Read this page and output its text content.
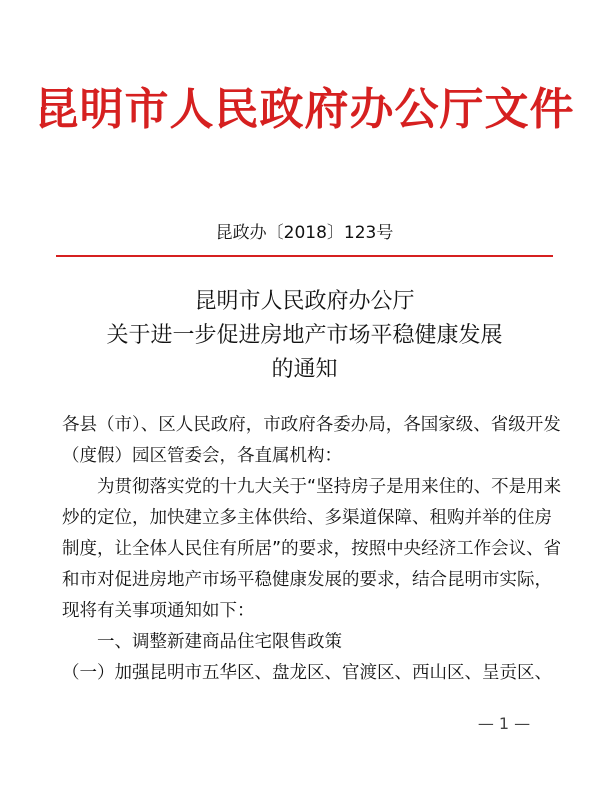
昆明市人民政府办公厅文件
昆政办〔2018〕123号
昆明市人民政府办公厅
关于进一步促进房地产市场平稳健康发展
的通知

各县（市）、区人民政府，市政府各委办局，各国家级、省级开发

（度假）园区管委会，各直属机构：

为贯彻落实党的十九大关于“坚持房子是用来住的、不是用来

炒的定位，加快建立多主体供给、多渠道保障、租购并举的住房

制度，让全体人民住有所居”的要求，按照中央经济工作会议、省

和市对促进房地产市场平稳健康发展的要求，结合昆明市实际，

现将有关事项通知如下：

一、调整新建商品住宅限售政策

（一）加强昆明市五华区、盘龙区、官渡区、西山区、呈贡区、

— 1 —
